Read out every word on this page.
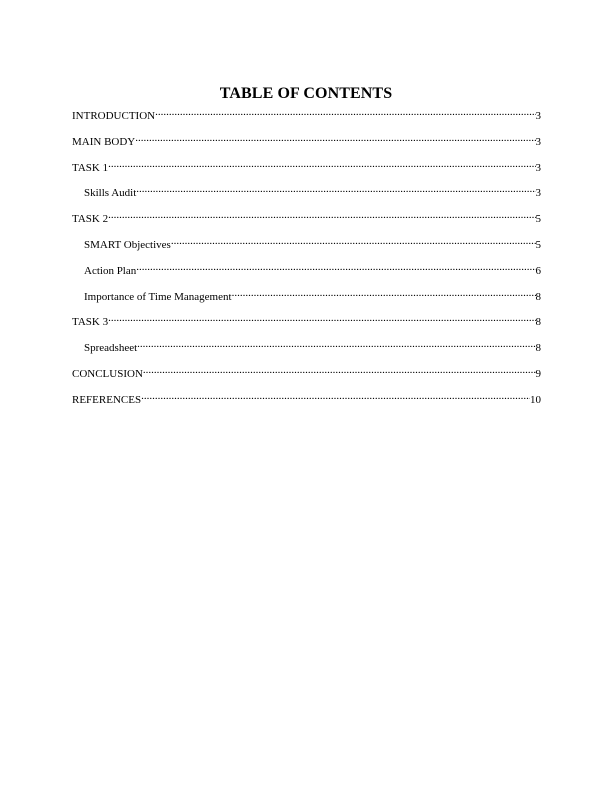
TABLE OF CONTENTS
INTRODUCTION .....	3
MAIN BODY .....	3
TASK 1 .....	3
Skills Audit .....	3
TASK 2 .....	5
SMART Objectives .....	5
Action Plan .....	6
Importance of Time Management .....	8
TASK 3 .....	8
Spreadsheet .....	8
CONCLUSION .....	9
REFERENCES .....	10
